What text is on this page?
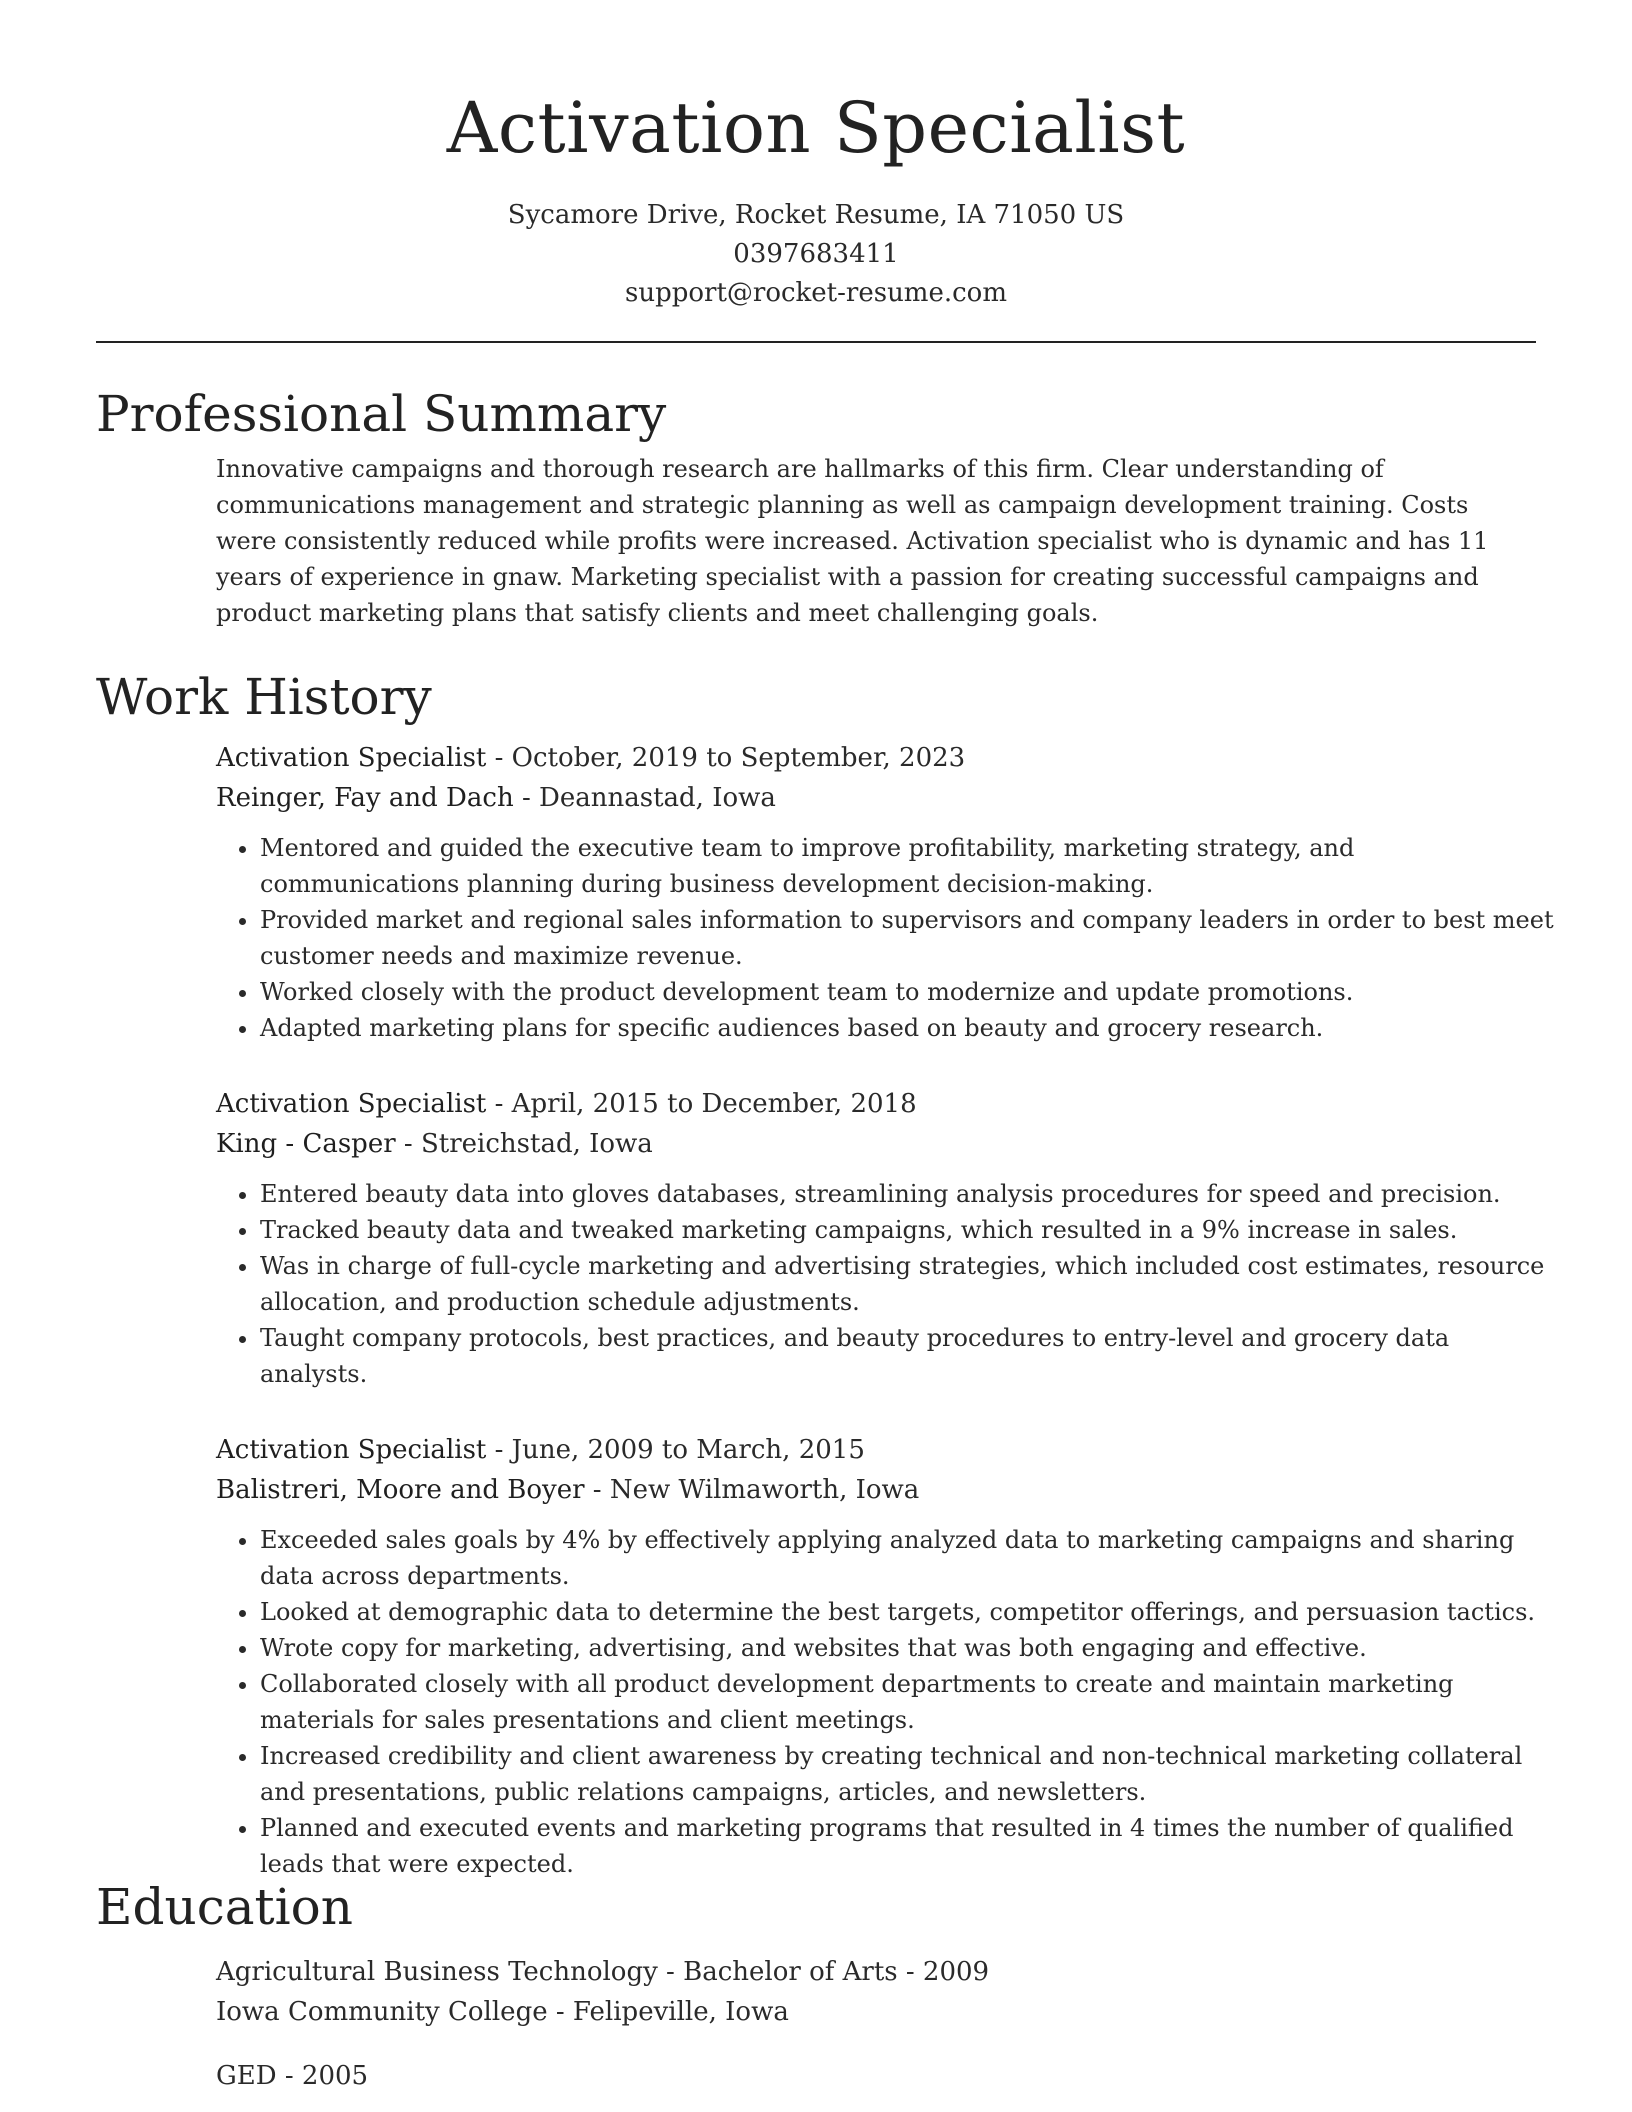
Activation Specialist
Sycamore Drive, Rocket Resume, IA 71050 US
0397683411
support@rocket-resume.com
Professional Summary

Innovative campaigns and thorough research are hallmarks of this firm. Clear understanding of communications management and strategic planning as well as campaign development training. Costs were consistently reduced while profits were increased. Activation specialist who is dynamic and has 11 years of experience in gnaw. Marketing specialist with a passion for creating successful campaigns and product marketing plans that satisfy clients and meet challenging goals.

Work History
Activation Specialist - October, 2019 to September, 2023
Reinger, Fay and Dach - Deannastad, Iowa
• Mentored and guided the executive team to improve profitability, marketing strategy, and communications planning during business development decision-making.
• Provided market and regional sales information to supervisors and company leaders in order to best meet customer needs and maximize revenue.
• Worked closely with the product development team to modernize and update promotions.
• Adapted marketing plans for specific audiences based on beauty and grocery research.
Activation Specialist - April, 2015 to December, 2018
King - Casper - Streichstad, Iowa
• Entered beauty data into gloves databases, streamlining analysis procedures for speed and precision.
• Tracked beauty data and tweaked marketing campaigns, which resulted in a 9% increase in sales.
• Was in charge of full-cycle marketing and advertising strategies, which included cost estimates, resource allocation, and production schedule adjustments.
• Taught company protocols, best practices, and beauty procedures to entry-level and grocery data analysts.
Activation Specialist - June, 2009 to March, 2015
Balistreri, Moore and Boyer - New Wilmaworth, Iowa
• Exceeded sales goals by 4% by effectively applying analyzed data to marketing campaigns and sharing data across departments.
• Looked at demographic data to determine the best targets, competitor offerings, and persuasion tactics.
• Wrote copy for marketing, advertising, and websites that was both engaging and effective.
• Collaborated closely with all product development departments to create and maintain marketing materials for sales presentations and client meetings.
• Increased credibility and client awareness by creating technical and non-technical marketing collateral and presentations, public relations campaigns, articles, and newsletters.
• Planned and executed events and marketing programs that resulted in 4 times the number of qualified leads that were expected.
Education
Agricultural Business Technology - Bachelor of Arts - 2009
Iowa Community College - Felipeville, Iowa
GED - 2005
